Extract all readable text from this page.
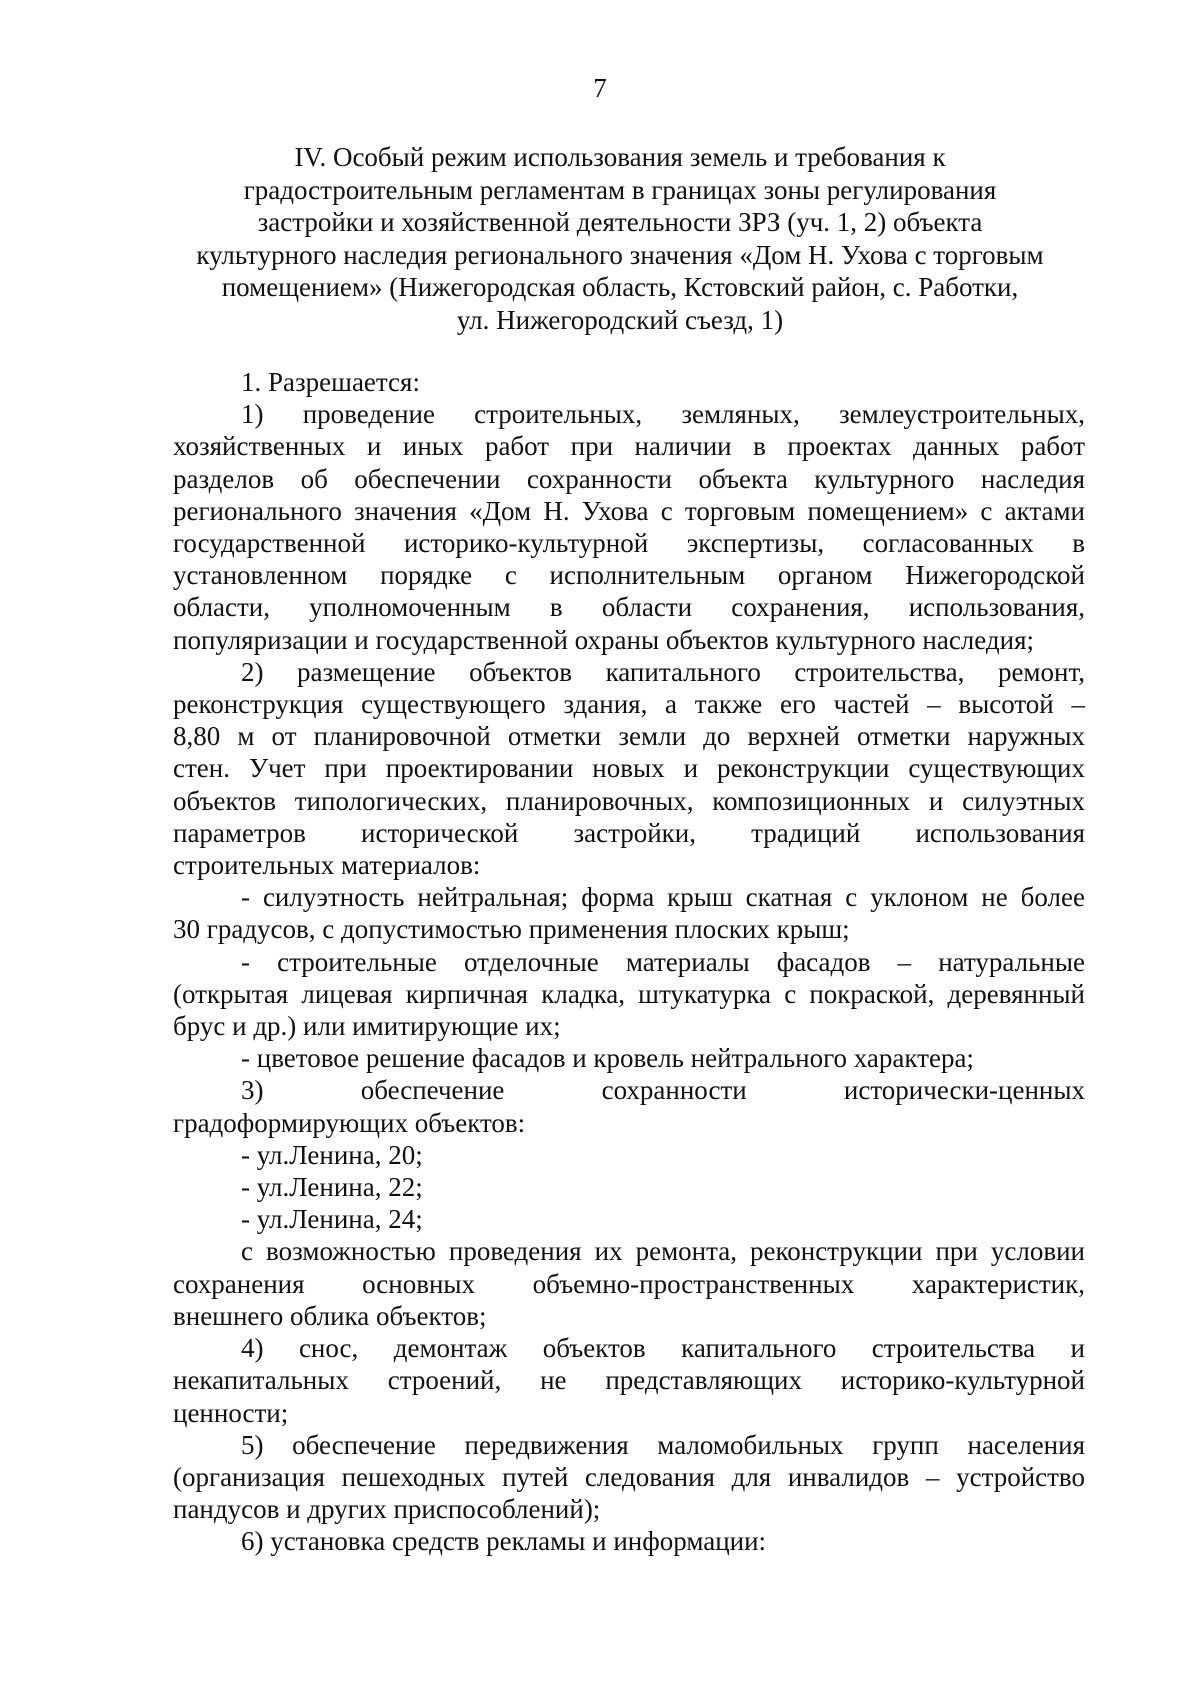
7
IV. Особый режим использования земель и требования к
градостроительным регламентам в границах зоны регулирования
застройки и хозяйственной деятельности ЗРЗ (уч. 1, 2) объекта
культурного наследия регионального значения «Дом Н. Ухова с торговым
помещением» (Нижегородская область, Кстовский район, с. Работки,
ул. Нижегородский съезд, 1)
1. Разрешается:
1) проведение строительных, земляных, землеустроительных,
хозяйственных и иных работ при наличии в проектах данных работ
разделов об обеспечении сохранности объекта культурного наследия
регионального значения «Дом Н. Ухова с торговым помещением» с актами
государственной историко-культурной экспертизы, согласованных в
установленном порядке с исполнительным органом Нижегородской
области, уполномоченным в области сохранения, использования,
популяризации и государственной охраны объектов культурного наследия;
2) размещение объектов капитального строительства, ремонт,
реконструкция существующего здания, а также его частей – высотой –
8,80 м от планировочной отметки земли до верхней отметки наружных
стен. Учет при проектировании новых и реконструкции существующих
объектов типологических, планировочных, композиционных и силуэтных
параметров исторической застройки, традиций использования
строительных материалов:
- силуэтность нейтральная; форма крыш скатная с уклоном не более
30 градусов, с допустимостью применения плоских крыш;
- строительные отделочные материалы фасадов – натуральные
(открытая лицевая кирпичная кладка, штукатурка с покраской, деревянный
брус и др.) или имитирующие их;
- цветовое решение фасадов и кровель нейтрального характера;
3) обеспечение сохранности исторически-ценных
градоформирующих объектов:
- ул.Ленина, 20;
- ул.Ленина, 22;
- ул.Ленина, 24;
с возможностью проведения их ремонта, реконструкции при условии
сохранения основных объемно-пространственных характеристик,
внешнего облика объектов;
4) снос, демонтаж объектов капитального строительства и
некапитальных строений, не представляющих историко-культурной
ценности;
5) обеспечение передвижения маломобильных групп населения
(организация пешеходных путей следования для инвалидов – устройство
пандусов и других приспособлений);
6) установка средств рекламы и информации:
